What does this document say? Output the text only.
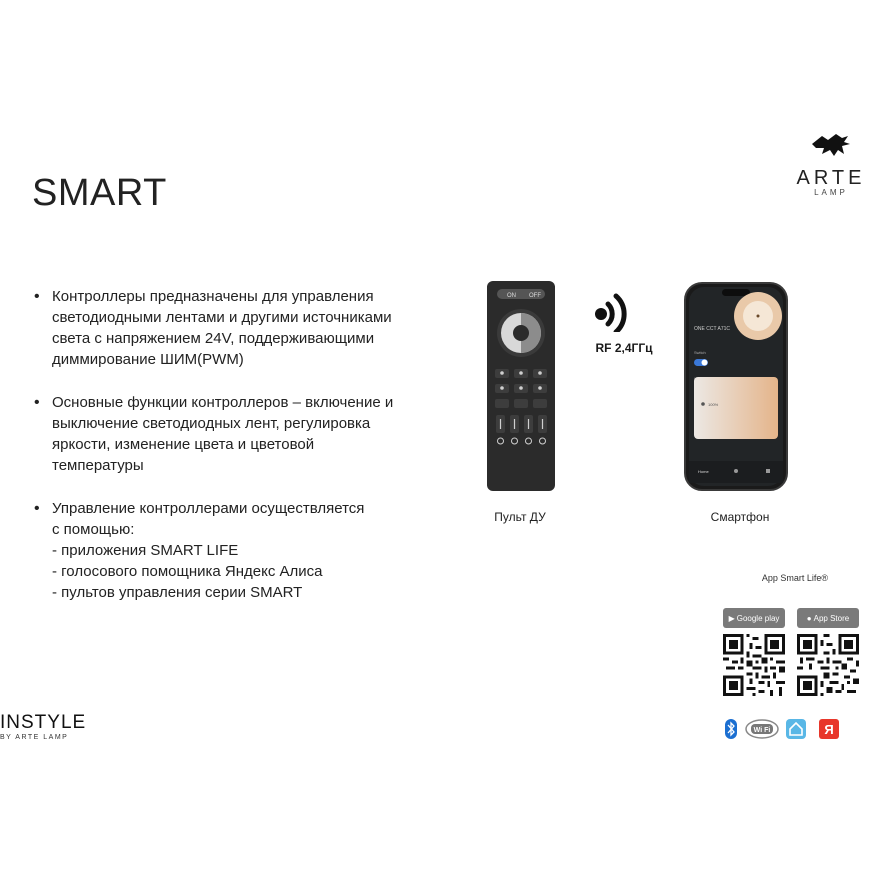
SMART	ARTE
LAMP
• Контроллеры предназначены для управления
светодиодными лентами и другими источниками
света с напряжением 24V, поддерживающими
диммирование ШИМ(PWM)
• Основные функции контроллеров – включение и
выключение светодиодных лент, регулировка
яркости, изменение цвета и цветовой
температуры
• Управление контроллерами осуществляется
с помощью:
- приложения SMART LIFE
- голосового помощника Яндекс Алиса
- пультов управления серии SMART
ON OFF
Пульт ДУ
RF 2,4ГГц
ONE CCT A71C
Switch
100%
Home
Смартфон
App Smart Life®
▶ Google play	● App Store
Wi Fi	Я
INSTYLE
BY ARTE LAMP
